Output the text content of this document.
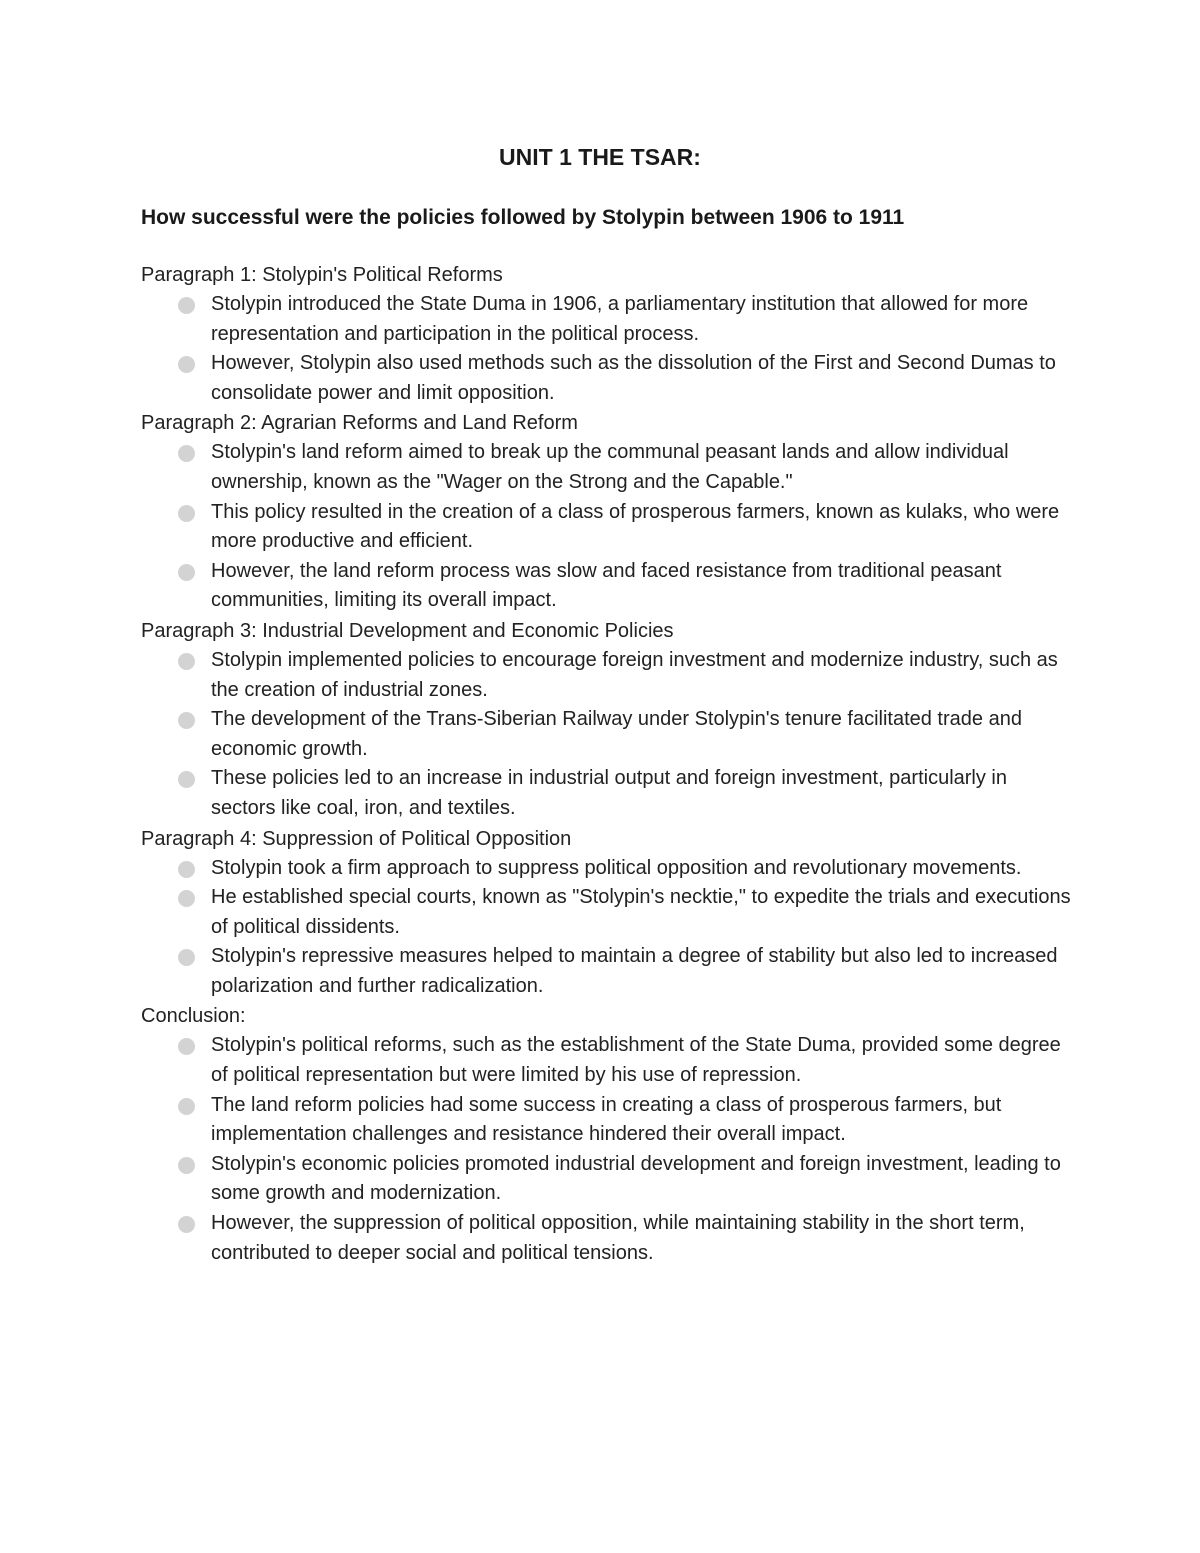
UNIT 1 THE TSAR:
How successful were the policies followed by Stolypin between 1906 to 1911

Paragraph 1: Stolypin's Political Reforms

Stolypin introduced the State Duma in 1906, a parliamentary institution that allowed for more representation and participation in the political process.
However, Stolypin also used methods such as the dissolution of the First and Second Dumas to consolidate power and limit opposition.

Paragraph 2: Agrarian Reforms and Land Reform

Stolypin's land reform aimed to break up the communal peasant lands and allow individual ownership, known as the "Wager on the Strong and the Capable."
This policy resulted in the creation of a class of prosperous farmers, known as kulaks, who were more productive and efficient.
However, the land reform process was slow and faced resistance from traditional peasant communities, limiting its overall impact.

Paragraph 3: Industrial Development and Economic Policies

Stolypin implemented policies to encourage foreign investment and modernize industry, such as the creation of industrial zones.
The development of the Trans-Siberian Railway under Stolypin's tenure facilitated trade and economic growth.
These policies led to an increase in industrial output and foreign investment, particularly in sectors like coal, iron, and textiles.

Paragraph 4: Suppression of Political Opposition

Stolypin took a firm approach to suppress political opposition and revolutionary movements.
He established special courts, known as "Stolypin's necktie," to expedite the trials and executions of political dissidents.
Stolypin's repressive measures helped to maintain a degree of stability but also led to increased polarization and further radicalization.

Conclusion:

Stolypin's political reforms, such as the establishment of the State Duma, provided some degree of political representation but were limited by his use of repression.
The land reform policies had some success in creating a class of prosperous farmers, but implementation challenges and resistance hindered their overall impact.
Stolypin's economic policies promoted industrial development and foreign investment, leading to some growth and modernization.
However, the suppression of political opposition, while maintaining stability in the short term, contributed to deeper social and political tensions.
